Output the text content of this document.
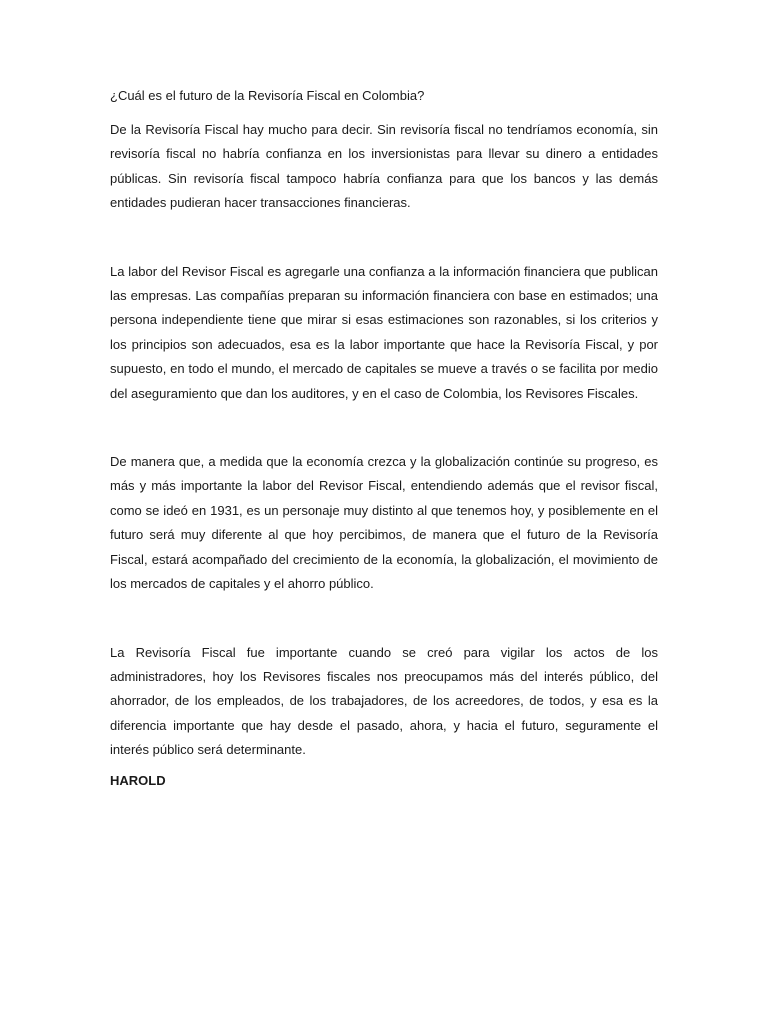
¿Cuál es el futuro de la Revisoría Fiscal en Colombia?

De la Revisoría Fiscal hay mucho para decir. Sin revisoría fiscal no tendríamos economía, sin revisoría fiscal no habría confianza en los inversionistas para llevar su dinero a entidades públicas. Sin revisoría fiscal tampoco habría confianza para que los bancos y las demás entidades pudieran hacer transacciones financieras.

La labor del Revisor Fiscal es agregarle una confianza a la información financiera que publican las empresas. Las compañías preparan su información financiera con base en estimados; una persona independiente tiene que mirar si esas estimaciones son razonables, si los criterios y los principios son adecuados, esa es la labor importante que hace la Revisoría Fiscal, y por supuesto, en todo el mundo, el mercado de capitales se mueve a través o se facilita por medio del aseguramiento que dan los auditores, y en el caso de Colombia, los Revisores Fiscales.

De manera que, a medida que la economía crezca y la globalización continúe su progreso, es más y más importante la labor del Revisor Fiscal, entendiendo además que el revisor fiscal, como se ideó en 1931, es un personaje muy distinto al que tenemos hoy, y posiblemente en el futuro será muy diferente al que hoy percibimos, de manera que el futuro de la Revisoría Fiscal, estará acompañado del crecimiento de la economía, la globalización, el movimiento de los mercados de capitales y el ahorro público.

La Revisoría Fiscal fue importante cuando se creó para vigilar los actos de los administradores, hoy los Revisores fiscales nos preocupamos más del interés público, del ahorrador, de los empleados, de los trabajadores, de los acreedores, de todos, y esa es la diferencia importante que hay desde el pasado, ahora, y hacia el futuro, seguramente el interés público será determinante.

HAROLD
